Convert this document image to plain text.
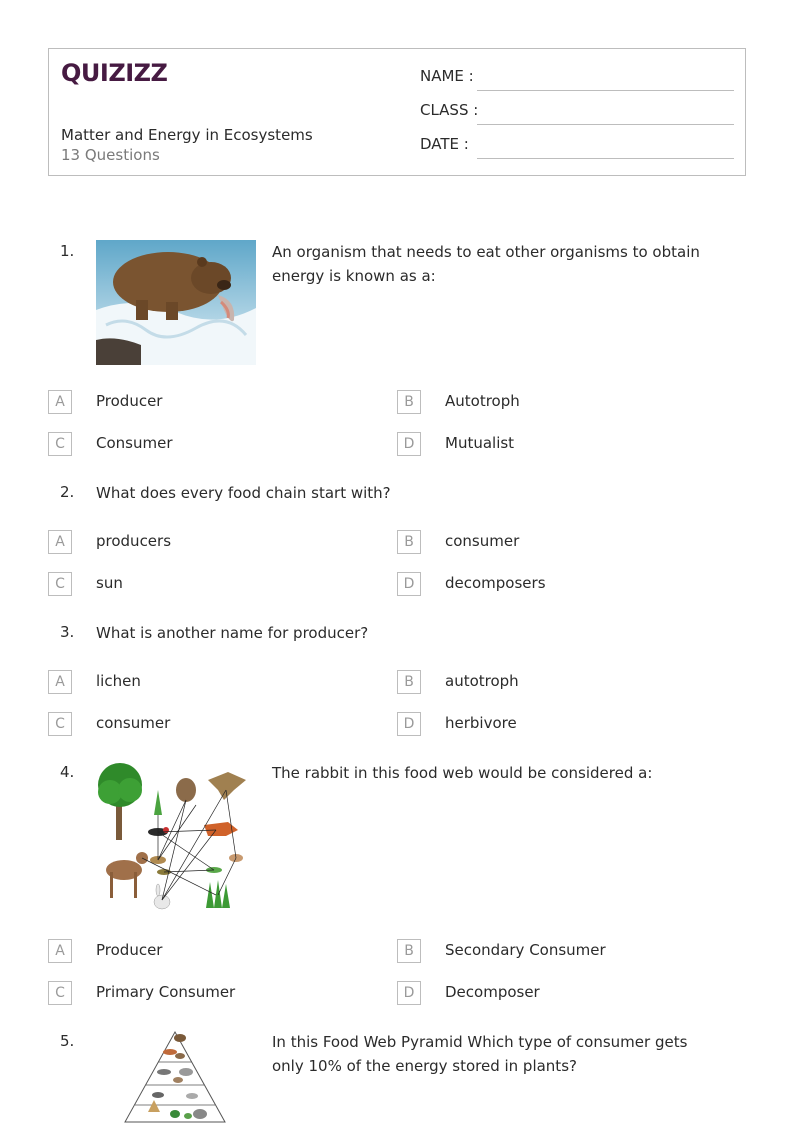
QUIZIZZ
Matter and Energy in Ecosystems
13 Questions
NAME :
CLASS :
DATE :
1.	An organism that needs to eat other organisms to obtain energy is known as a:
A	Producer	B	Autotroph
C	Consumer	D	Mutualist
2. What does every food chain start with?
A	producers	B	consumer
C	sun	D	decomposers
3. What is another name for producer?
A	lichen	B	autotroph
C	consumer	D	herbivore
4.	The rabbit in this food web would be considered a:
A	Producer	B	Secondary Consumer
C	Primary Consumer	D	Decomposer
5.	In this Food Web Pyramid Which type of consumer gets only 10% of the energy stored in plants?
